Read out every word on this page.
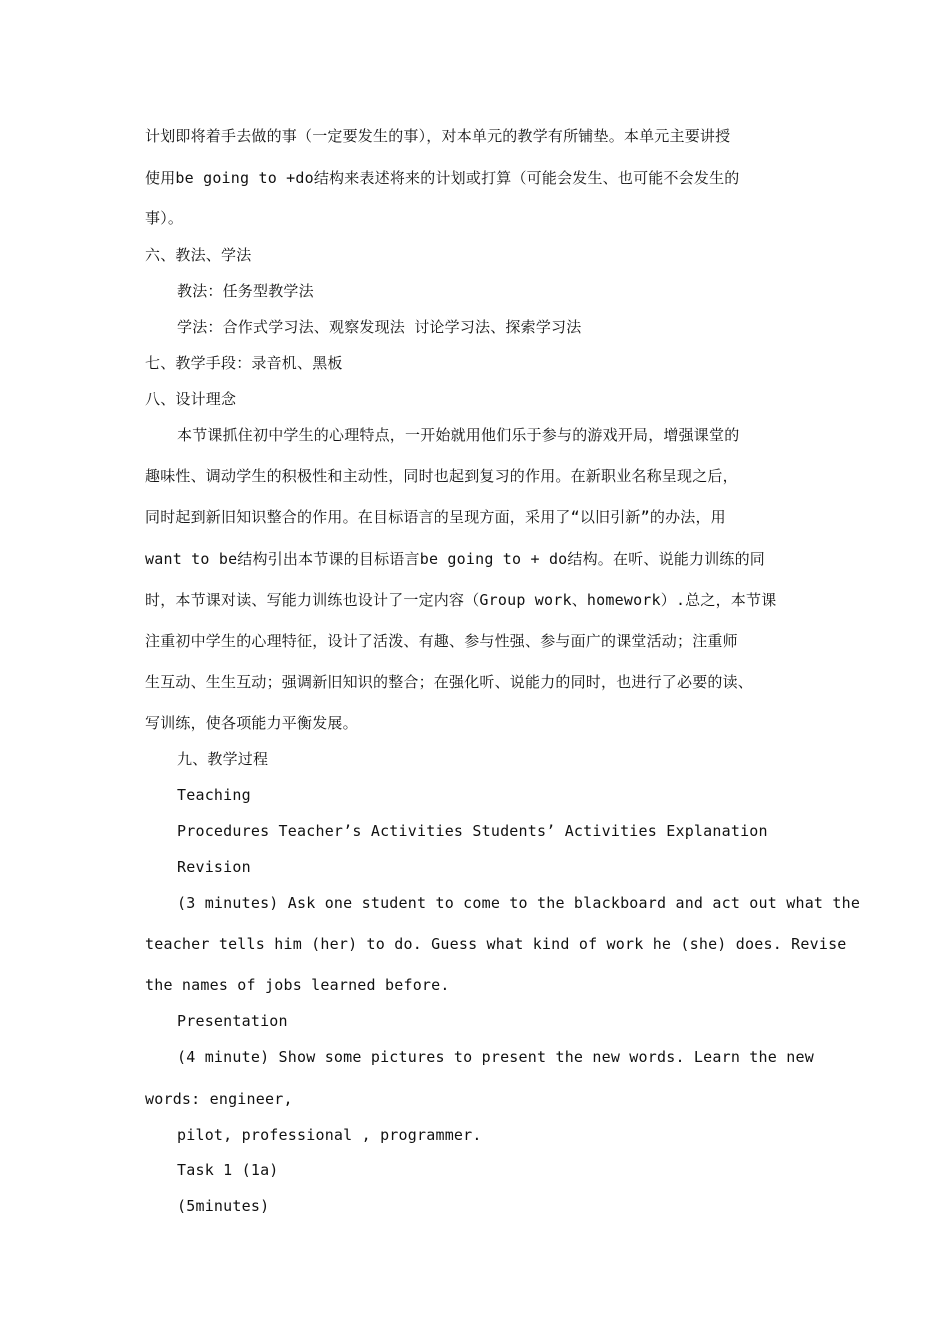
计划即将着手去做的事（一定要发生的事），对本单元的教学有所铺垫。本单元主要讲授
使用be going to +do结构来表述将来的计划或打算（可能会发生、也可能不会发生的
事）。
六、教法、学法
教法：任务型教学法
学法：合作式学习法、观察发现法 讨论学习法、探索学习法
七、教学手段：录音机、黑板
八、设计理念
本节课抓住初中学生的心理特点，一开始就用他们乐于参与的游戏开局，增强课堂的
趣味性、调动学生的积极性和主动性，同时也起到复习的作用。在新职业名称呈现之后，
同时起到新旧知识整合的作用。在目标语言的呈现方面，采用了“以旧引新”的办法，用
want to be结构引出本节课的目标语言be going to + do结构。在听、说能力训练的同
时，本节课对读、写能力训练也设计了一定内容（Group work、homework）.总之，本节课
注重初中学生的心理特征，设计了活泼、有趣、参与性强、参与面广的课堂活动；注重师
生互动、生生互动；强调新旧知识的整合；在强化听、说能力的同时，也进行了必要的读、
写训练，使各项能力平衡发展。
九、教学过程
Teaching
Procedures Teacher’s Activities Students’ Activities Explanation
Revision
(3 minutes) Ask one student to come to the blackboard and act out what the
teacher tells him (her) to do. Guess what kind of work he (she) does. Revise
the names of jobs learned before.
Presentation
(4 minute) Show some pictures to present the new words. Learn the new
words: engineer,
pilot, professional , programmer.
Task 1 (1a)
(5minutes)
